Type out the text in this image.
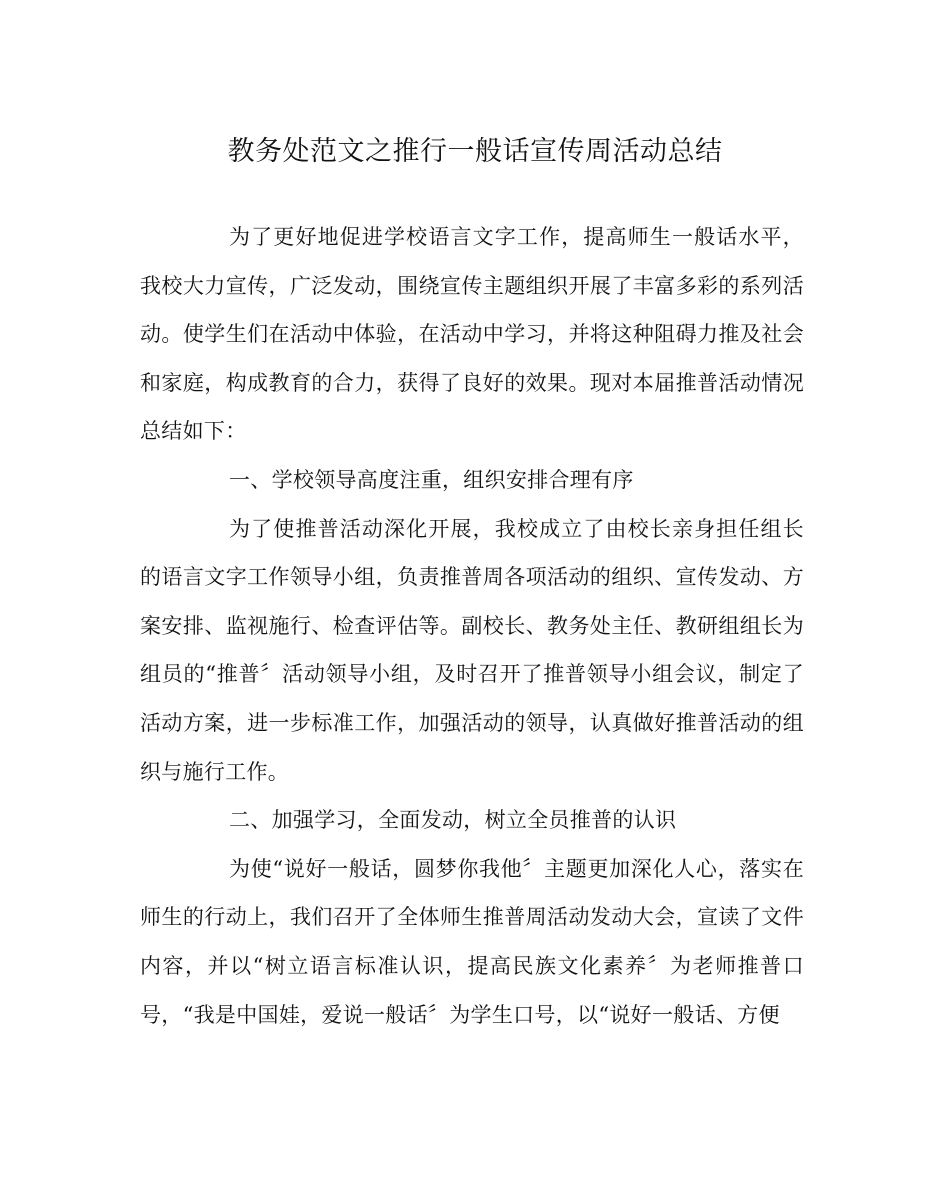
教务处范文之推行一般话宣传周活动总结

为了更好地促进学校语言文字工作，提高师生一般话水平，我校大力宣传，广泛发动，围绕宣传主题组织开展了丰富多彩的系列活动。使学生们在活动中体验，在活动中学习，并将这种阻碍力推及社会和家庭，构成教育的合力，获得了良好的效果。现对本届推普活动情况总结如下：

一、学校领导高度注重，组织安排合理有序

为了使推普活动深化开展，我校成立了由校长亲身担任组长的语言文字工作领导小组，负责推普周各项活动的组织、宣传发动、方案安排、监视施行、检查评估等。副校长、教务处主任、教研组组长为组员的“推普〞活动领导小组，及时召开了推普领导小组会议，制定了活动方案，进一步标准工作，加强活动的领导，认真做好推普活动的组织与施行工作。

二、加强学习，全面发动，树立全员推普的认识

为使“说好一般话，圆梦你我他〞主题更加深化人心，落实在师生的行动上，我们召开了全体师生推普周活动发动大会，宣读了文件内容，并以“树立语言标准认识，提高民族文化素养〞为老师推普口号，“我是中国娃，爱说一般话〞为学生口号，以“说好一般话、方便
